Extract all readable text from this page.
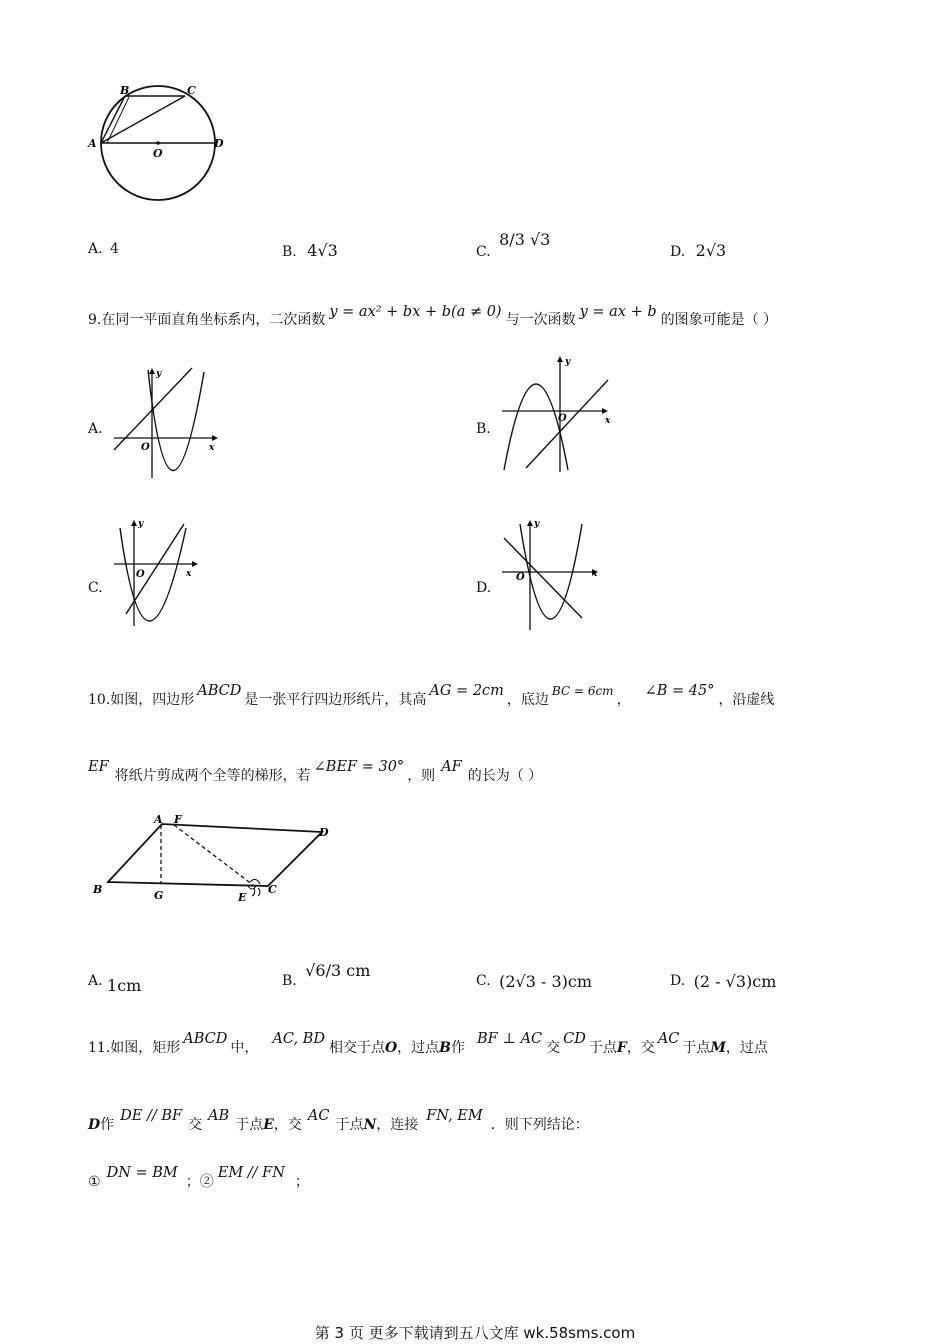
B	C
A	D
O
A. 4	B. 4√3	C. 8/3 √3
D. 2√3
9.在同一平面直角坐标系内，二次函数 y = ax² + bx + b(a ≠ 0) 与一次函数 y = ax + b 的图象可能是（ ）
A.
y
x
O
B.
y
x
O
C.
y
x
O
D.
y
x
O
10.如图，四边形ABCD是一张平行四边形纸片，其高AG = 2cm，底边BC = 6cm，∠B = 45°，沿虚线
EF将纸片剪成两个全等的梯形，若∠BEF = 30°，则AF的长为（ ）
A F
D
B	G	E
C
A. 1cm	B. √6/3 cm
C. (2√3 - 3)cm	D. (2 - √3)cm
11.如图，矩形ABCD中，AC, BD相交于点O，过点B作BF ⊥ AC交CD于点F，交AC于点M，过点
D作DE // BF交AB于点E，交AC于点N，连接FN, EM．则下列结论：
①DN = BM；②EM // FN；
第 3 页 更多下载请到五八文库 wk.58sms.com
